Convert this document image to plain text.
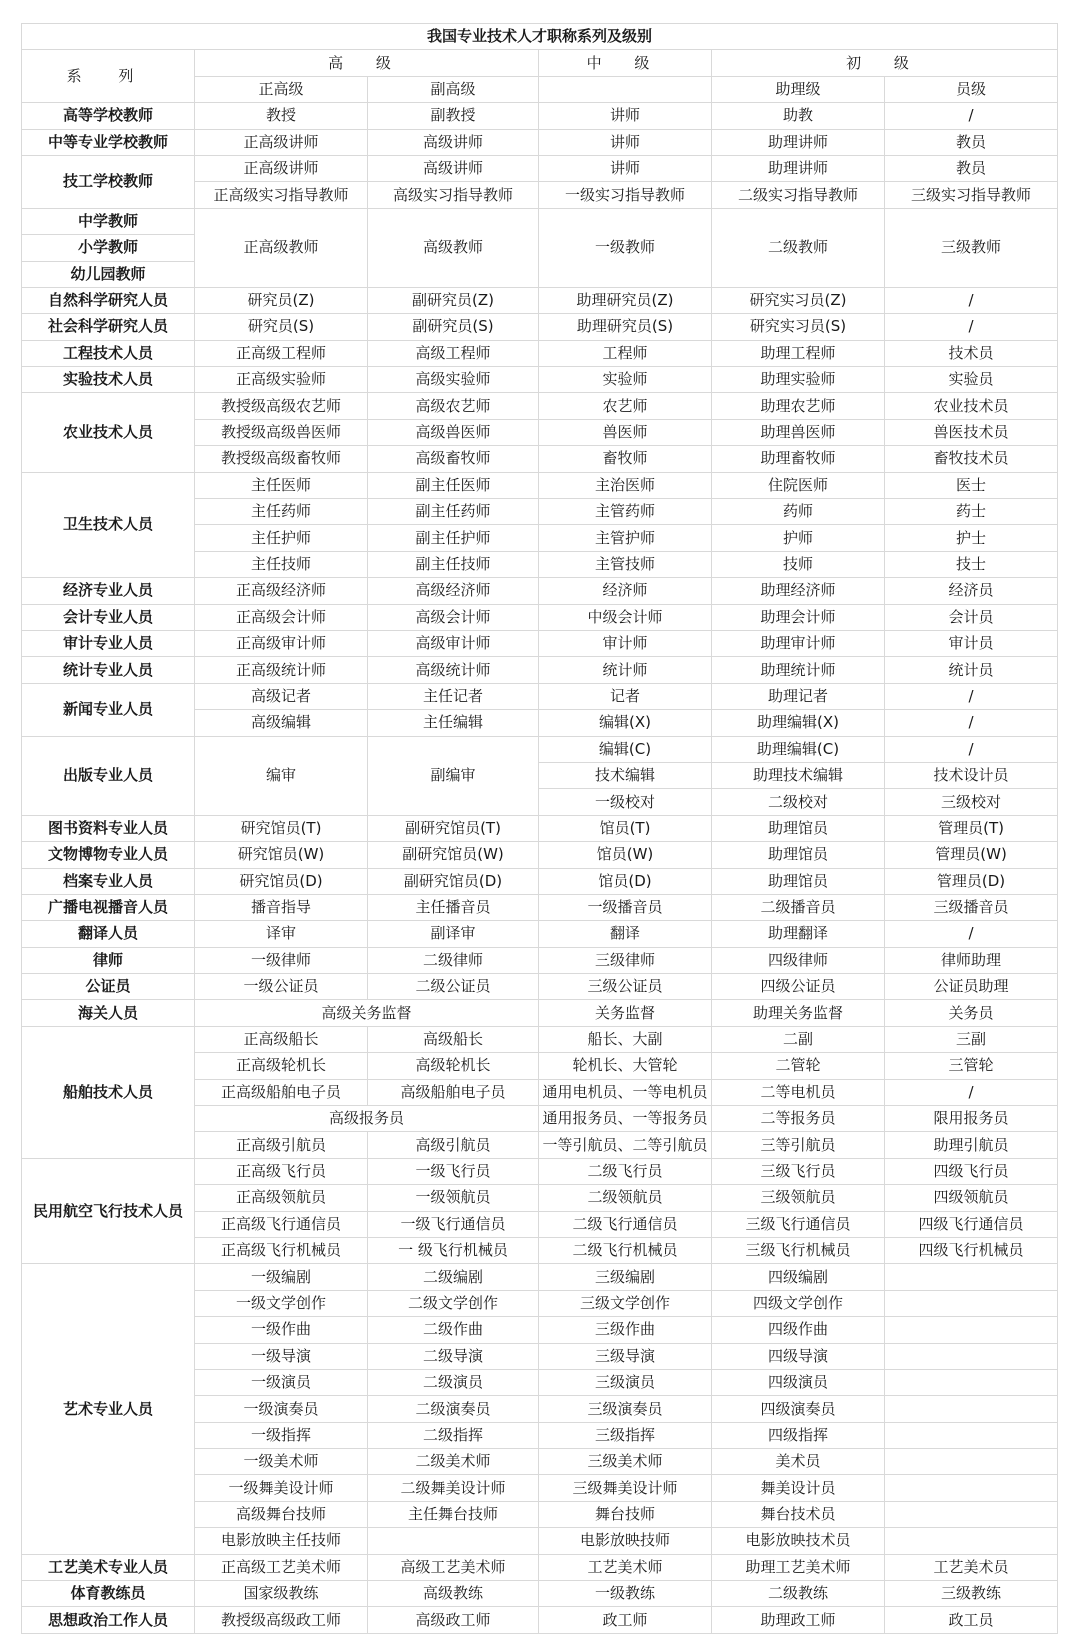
我国专业技术人才职称系列及级别					
系 列	高 级		中 级	初 级	
	正高级	副高级		助理级	员级
高等学校教师	教授	副教授	讲师	助教	/
中等专业学校教师	正高级讲师	高级讲师	讲师	助理讲师	教员
技工学校教师	正高级讲师	高级讲师	讲师	助理讲师	教员
	正高级实习指导教师	高级实习指导教师	一级实习指导教师	二级实习指导教师	三级实习指导教师
中学教师	正高级教师	高级教师	一级教师	二级教师	三级教师
小学教师					
幼儿园教师					
自然科学研究人员	研究员(Z)	副研究员(Z)	助理研究员(Z)	研究实习员(Z)	/
社会科学研究人员	研究员(S)	副研究员(S)	助理研究员(S)	研究实习员(S)	/
工程技术人员	正高级工程师	高级工程师	工程师	助理工程师	技术员
实验技术人员	正高级实验师	高级实验师	实验师	助理实验师	实验员
农业技术人员	教授级高级农艺师	高级农艺师	农艺师	助理农艺师	农业技术员
	教授级高级兽医师	高级兽医师	兽医师	助理兽医师	兽医技术员
	教授级高级畜牧师	高级畜牧师	畜牧师	助理畜牧师	畜牧技术员
卫生技术人员	主任医师	副主任医师	主治医师	住院医师	医士
	主任药师	副主任药师	主管药师	药师	药士
	主任护师	副主任护师	主管护师	护师	护士
	主任技师	副主任技师	主管技师	技师	技士
经济专业人员	正高级经济师	高级经济师	经济师	助理经济师	经济员
会计专业人员	正高级会计师	高级会计师	中级会计师	助理会计师	会计员
审计专业人员	正高级审计师	高级审计师	审计师	助理审计师	审计员
统计专业人员	正高级统计师	高级统计师	统计师	助理统计师	统计员
新闻专业人员	高级记者	主任记者	记者	助理记者	/
	高级编辑	主任编辑	编辑(X)	助理编辑(X)	/
出版专业人员	编审	副编审	编辑(C)	助理编辑(C)	/
			技术编辑	助理技术编辑	技术设计员
			一级校对	二级校对	三级校对
图书资料专业人员	研究馆员(T)	副研究馆员(T)	馆员(T)	助理馆员	管理员(T)
文物博物专业人员	研究馆员(W)	副研究馆员(W)	馆员(W)	助理馆员	管理员(W)
档案专业人员	研究馆员(D)	副研究馆员(D)	馆员(D)	助理馆员	管理员(D)
广播电视播音人员	播音指导	主任播音员	一级播音员	二级播音员	三级播音员
翻译人员	译审	副译审	翻译	助理翻译	/
律师	一级律师	二级律师	三级律师	四级律师	律师助理
公证员	一级公证员	二级公证员	三级公证员	四级公证员	公证员助理
海关人员	高级关务监督		关务监督	助理关务监督	关务员
船舶技术人员	正高级船长	高级船长	船长、大副	二副	三副
	正高级轮机长	高级轮机长	轮机长、大管轮	二管轮	三管轮
	正高级船舶电子员	高级船舶电子员	通用电机员、一等电机员	二等电机员	/
	高级报务员		通用报务员、一等报务员	二等报务员	限用报务员
	正高级引航员	高级引航员	一等引航员、二等引航员	三等引航员	助理引航员
民用航空飞行技术人员	正高级飞行员	一级飞行员	二级飞行员	三级飞行员	四级飞行员
	正高级领航员	一级领航员	二级领航员	三级领航员	四级领航员
	正高级飞行通信员	一级飞行通信员	二级飞行通信员	三级飞行通信员	四级飞行通信员
	正高级飞行机械员	一 级飞行机械员	二级飞行机械员	三级飞行机械员	四级飞行机械员
艺术专业人员	一级编剧	二级编剧	三级编剧	四级编剧	
	一级文学创作	二级文学创作	三级文学创作	四级文学创作	
	一级作曲	二级作曲	三级作曲	四级作曲	
	一级导演	二级导演	三级导演	四级导演	
	一级演员	二级演员	三级演员	四级演员	
	一级演奏员	二级演奏员	三级演奏员	四级演奏员	
	一级指挥	二级指挥	三级指挥	四级指挥	
	一级美术师	二级美术师	三级美术师	美术员	
	一级舞美设计师	二级舞美设计师	三级舞美设计师	舞美设计员	
	高级舞台技师	主任舞台技师	舞台技师	舞台技术员	
	电影放映主任技师		电影放映技师	电影放映技术员	
工艺美术专业人员	正高级工艺美术师	高级工艺美术师	工艺美术师	助理工艺美术师	工艺美术员
体育教练员	国家级教练	高级教练	一级教练	二级教练	三级教练
思想政治工作人员	教授级高级政工师	高级政工师	政工师	助理政工师	政工员
